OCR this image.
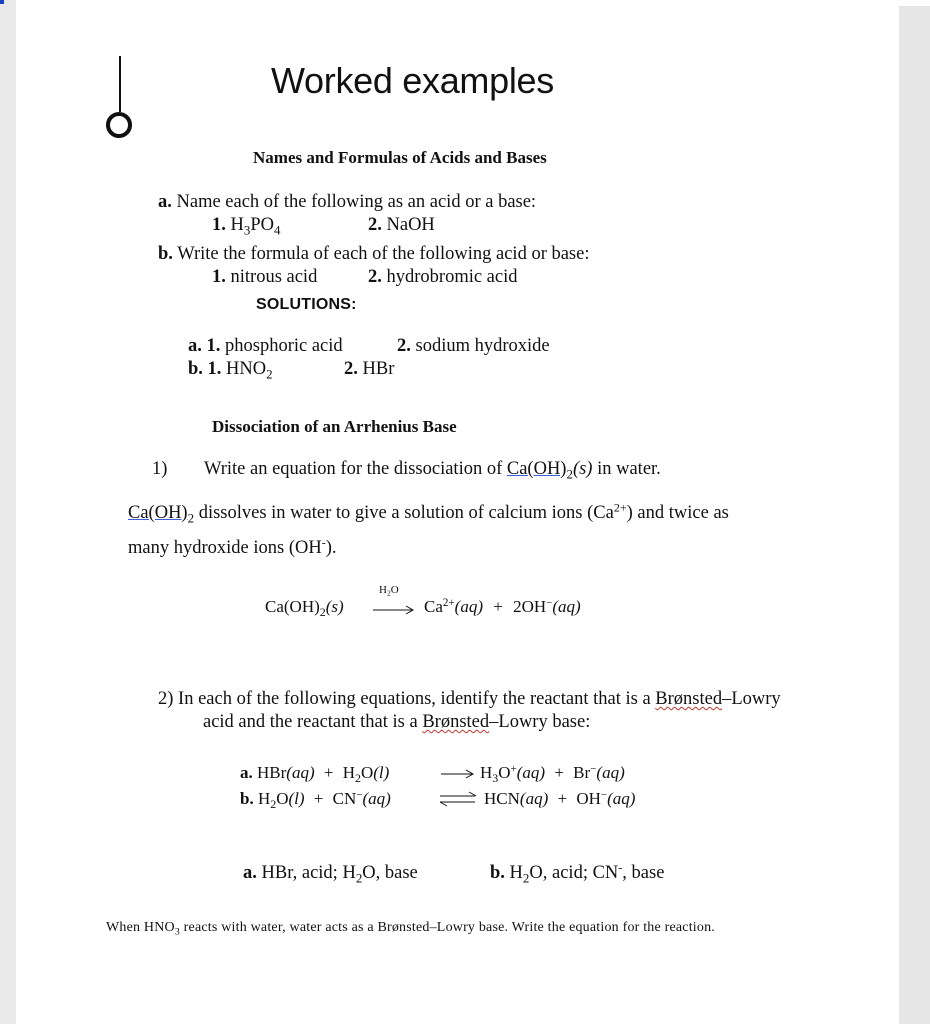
Worked examples
Names and Formulas of Acids and Bases
a. Name each of the following as an acid or a base:
1. $H_3PO_4$	2. NaOH
b. Write the formula of each of the following acid or base:
1. nitrous acid	2. hydrobromic acid
SOLUTIONS:
a. 1. phosphoric acid	2. sodium hydroxide
b. 1. $HNO_2$	2. HBr
Dissociation of an Arrhenius Base
1) Write an equation for the dissociation of $Ca(OH)_2(s)$ in water.
$Ca(OH)_2$ dissolves in water to give a solution of calcium ions $(Ca^{2+})$ and twice as
many hydroxide ions (OH-).
$Ca(OH)_2(s)$
$H_2O$
→ $Ca^{2+}(aq) + 2OH^-(aq)$
2) In each of the following equations, identify the reactant that is a Brønsted–Lowry
acid and the reactant that is a Brønsted–Lowry base:
a. $HBr(aq) + H_2O(l)$	$H_3O^+(aq) + Br^-(aq)$
b. $H_2O(l) + CN^-(aq)$	⇌ HCN(aq) + OH−(aq)
a. HBr, acid; $H_2O$, base	b. $H_2O$, acid; CN-, base
When $HNO_3$ reacts with water, water acts as a Brønsted–Lowry base. Write the equation for the reaction.
